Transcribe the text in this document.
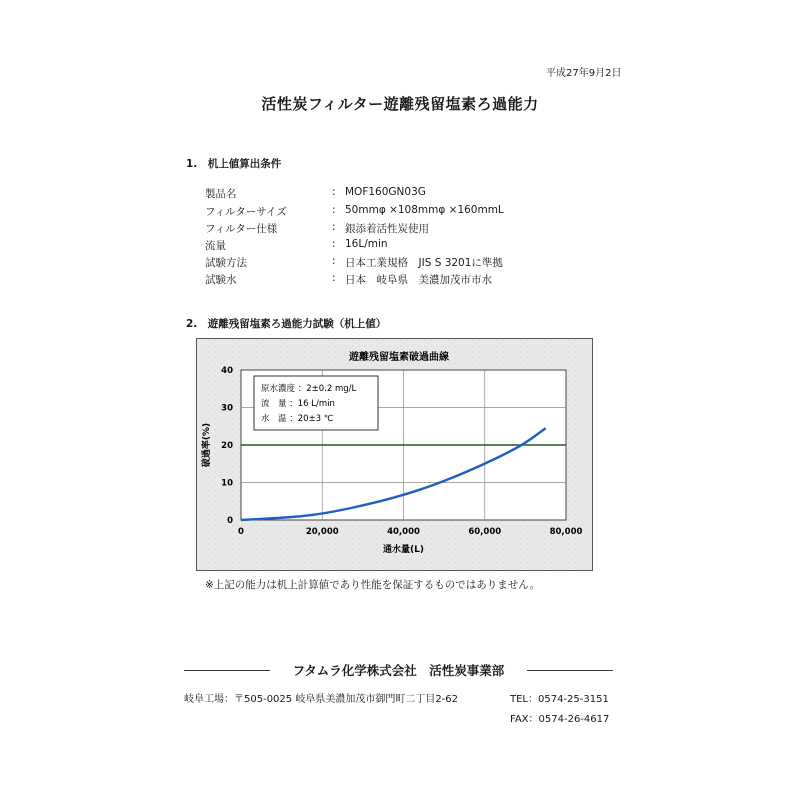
平成27年9月2日
活性炭フィルター遊離残留塩素ろ過能力
1.　机上値算出条件
製品名	: MOF160GN03G
フィルターサイズ	: 50mmφ ×108mmφ ×160mmL
フィルター仕様	: 銀添着活性炭使用
流量	: 16L/min
試験方法	: 日本工業規格　JIS S 3201に準拠
試験水	: 日本　岐阜県　美濃加茂市市水
2.　遊離残留塩素ろ過能力試験（机上値）
遊離残留塩素破過曲線
0	20,000	40,000	60,000	80,000
0
10
20
30
40
通水量(L)
破過率(%)
原水濃度 ：2±0.2 mg/L
流　量 ：16 L/min
水　温 ：20±3 ℃
※上記の能力は机上計算値であり性能を保証するものではありません。
フタムラ化学株式会社　活性炭事業部
岐阜工場：〒505-0025 岐阜県美濃加茂市御門町二丁目2-62	TEL：0574-25-3151
FAX：0574-26-4617
